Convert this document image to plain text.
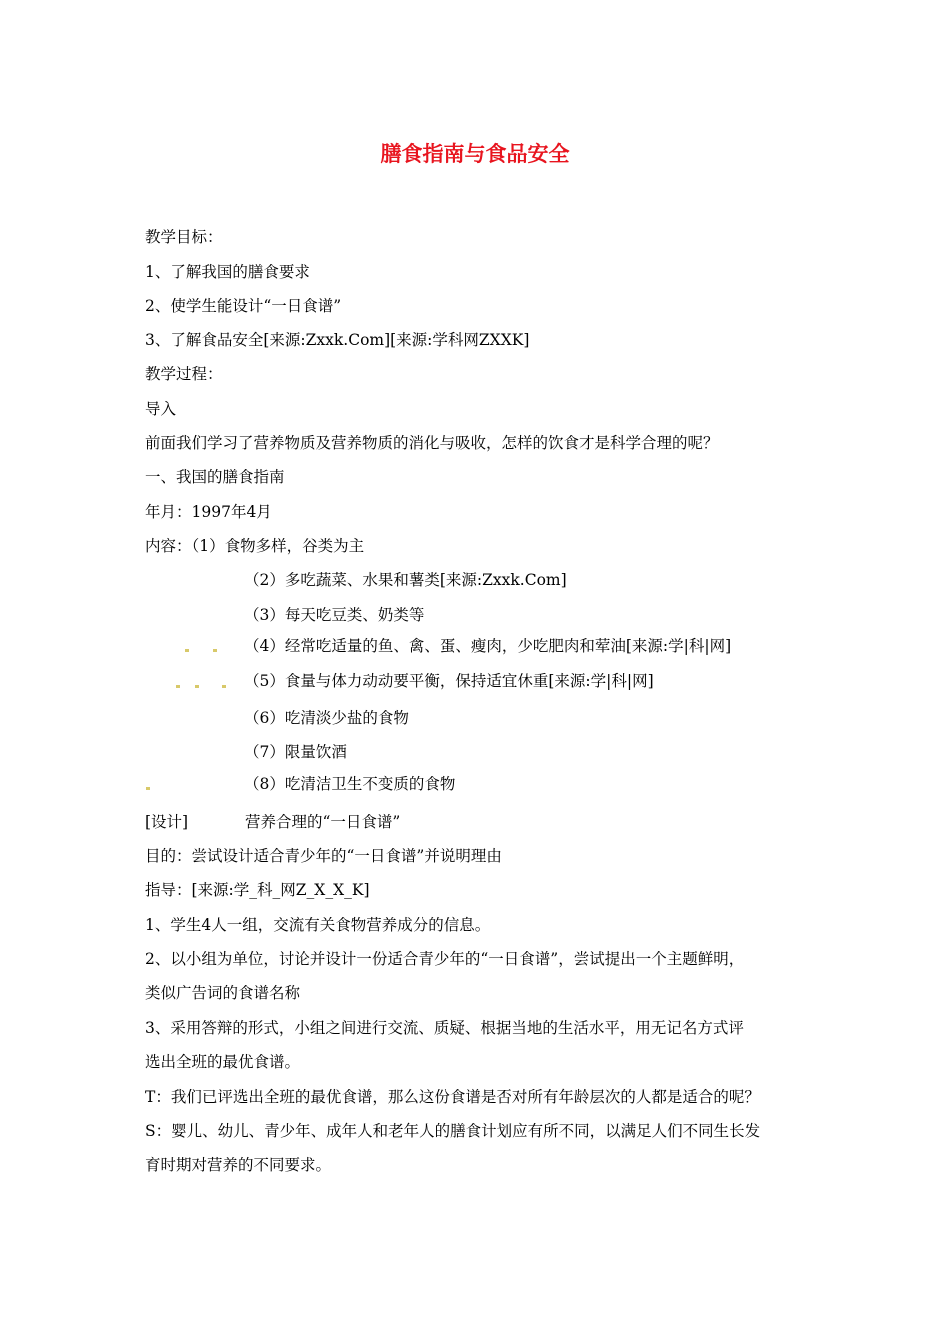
膳食指南与食品安全
教学目标：
1、了解我国的膳食要求
2、使学生能设计“一日食谱”
3、了解食品安全[来源:Zxxk.Com][来源:学科网ZXXK]
教学过程：
导入
前面我们学习了营养物质及营养物质的消化与吸收，怎样的饮食才是科学合理的呢？
一、我国的膳食指南
年月：1997年4月
内容：（1）食物多样，谷类为主
（2）多吃蔬菜、水果和薯类[来源:Zxxk.Com]
（3）每天吃豆类、奶类等
（4）经常吃适量的鱼、禽、蛋、瘦肉，少吃肥肉和荤油[来源:学|科|网]
（5）食量与体力动动要平衡，保持适宜休重[来源:学|科|网]
（6）吃清淡少盐的食物
（7）限量饮酒
（8）吃清洁卫生不变质的食物
[设计]	营养合理的“一日食谱”
目的：尝试设计适合青少年的“一日食谱”并说明理由
指导：[来源:学_科_网Z_X_X_K]
1、学生4人一组，交流有关食物营养成分的信息。
2、以小组为单位，讨论并设计一份适合青少年的“一日食谱”，尝试提出一个主题鲜明，
类似广告词的食谱名称
3、采用答辩的形式，小组之间进行交流、质疑、根据当地的生活水平，用无记名方式评
选出全班的最优食谱。
T：我们已评选出全班的最优食谱，那么这份食谱是否对所有年龄层次的人都是适合的呢？
S：婴儿、幼儿、青少年、成年人和老年人的膳食计划应有所不同，以满足人们不同生长发
育时期对营养的不同要求。
